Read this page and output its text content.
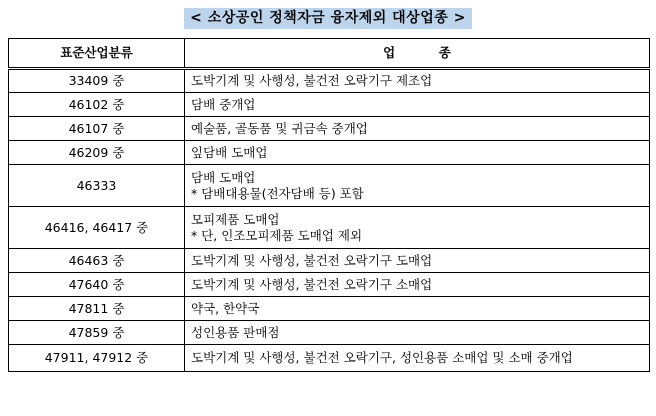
< 소상공인 정책자금 융자제외 대상업종 >
표준산업분류	업          종
33409 중	도박기계 및 사행성, 불건전 오락기구 제조업

46102 중	담배 중개업

46107 중	예술품, 골동품 및 귀금속 중개업

46209 중	잎담배 도매업

46333	담배 도매업
* 담배대용물(전자담배 등) 포함

46416, 46417 중	모피제품 도매업
* 단, 인조모피제품 도매업 제외

46463 중	도박기계 및 사행성, 불건전 오락기구 도매업

47640 중	도박기계 및 사행성, 불건전 오락기구 소매업

47811 중	약국, 한약국

47859 중	성인용품 판매점

47911, 47912 중	도박기계 및 사행성, 불건전 오락기구, 성인용품 소매업 및 소매 중개업
